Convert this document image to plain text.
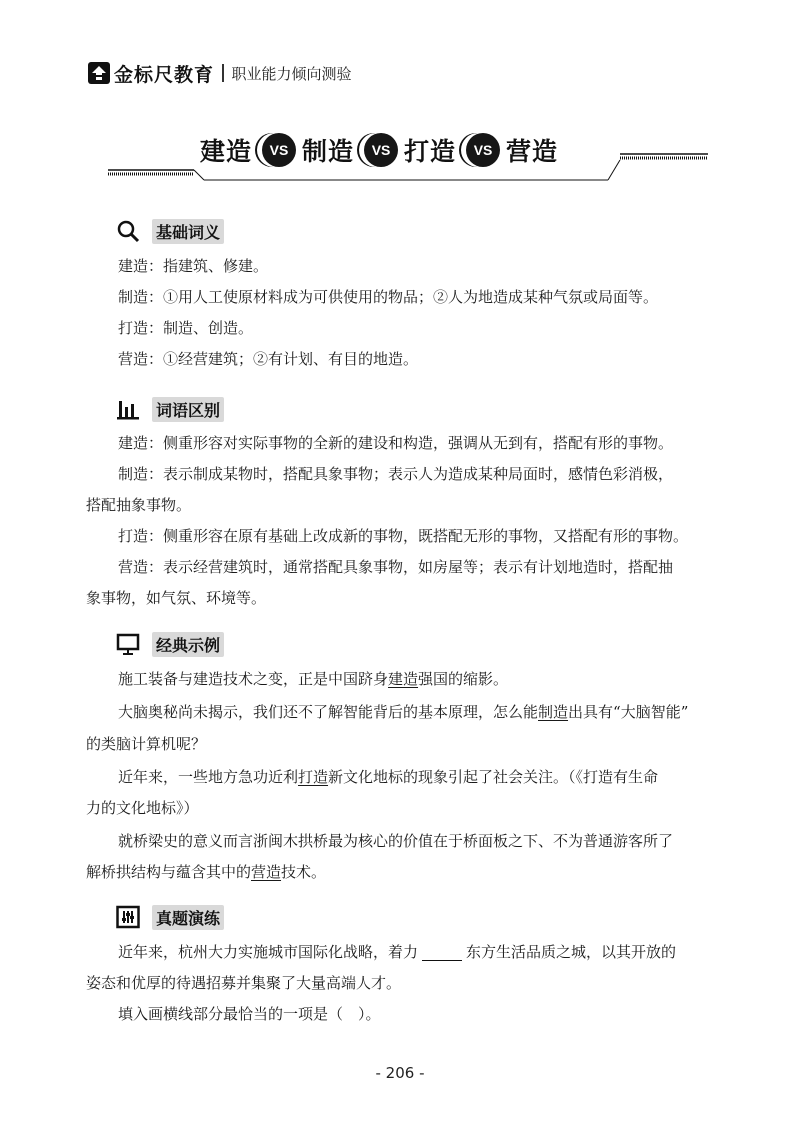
金标尺教育 职业能力倾向测验
建造	VS 制造	VS 打造	VS 营造
基础词义
建造：指建筑、修建。
制造：①用人工使原材料成为可供使用的物品；②人为地造成某种气氛或局面等。
打造：制造、创造。
营造：①经营建筑；②有计划、有目的地造。
词语区别
建造：侧重形容对实际事物的全新的建设和构造，强调从无到有，搭配有形的事物。
制造：表示制成某物时，搭配具象事物；表示人为造成某种局面时，感情色彩消极，
搭配抽象事物。
打造：侧重形容在原有基础上改成新的事物，既搭配无形的事物，又搭配有形的事物。
营造：表示经营建筑时，通常搭配具象事物，如房屋等；表示有计划地造时，搭配抽
象事物，如气氛、环境等。
经典示例
施工装备与建造技术之变，正是中国跻身建造强国的缩影。
大脑奥秘尚未揭示，我们还不了解智能背后的基本原理，怎么能制造出具有“大脑智能”
的类脑计算机呢？
近年来，一些地方急功近利打造新文化地标的现象引起了社会关注。（《打造有生命
力的文化地标》）
就桥梁史的意义而言浙闽木拱桥最为核心的价值在于桥面板之下、不为普通游客所了
解桥拱结构与蕴含其中的营造技术。
真题演练
近年来，杭州大力实施城市国际化战略，着力	东方生活品质之城，以其开放的
姿态和优厚的待遇招募并集聚了大量高端人才。
填入画横线部分最恰当的一项是（　）。
- 206 -
